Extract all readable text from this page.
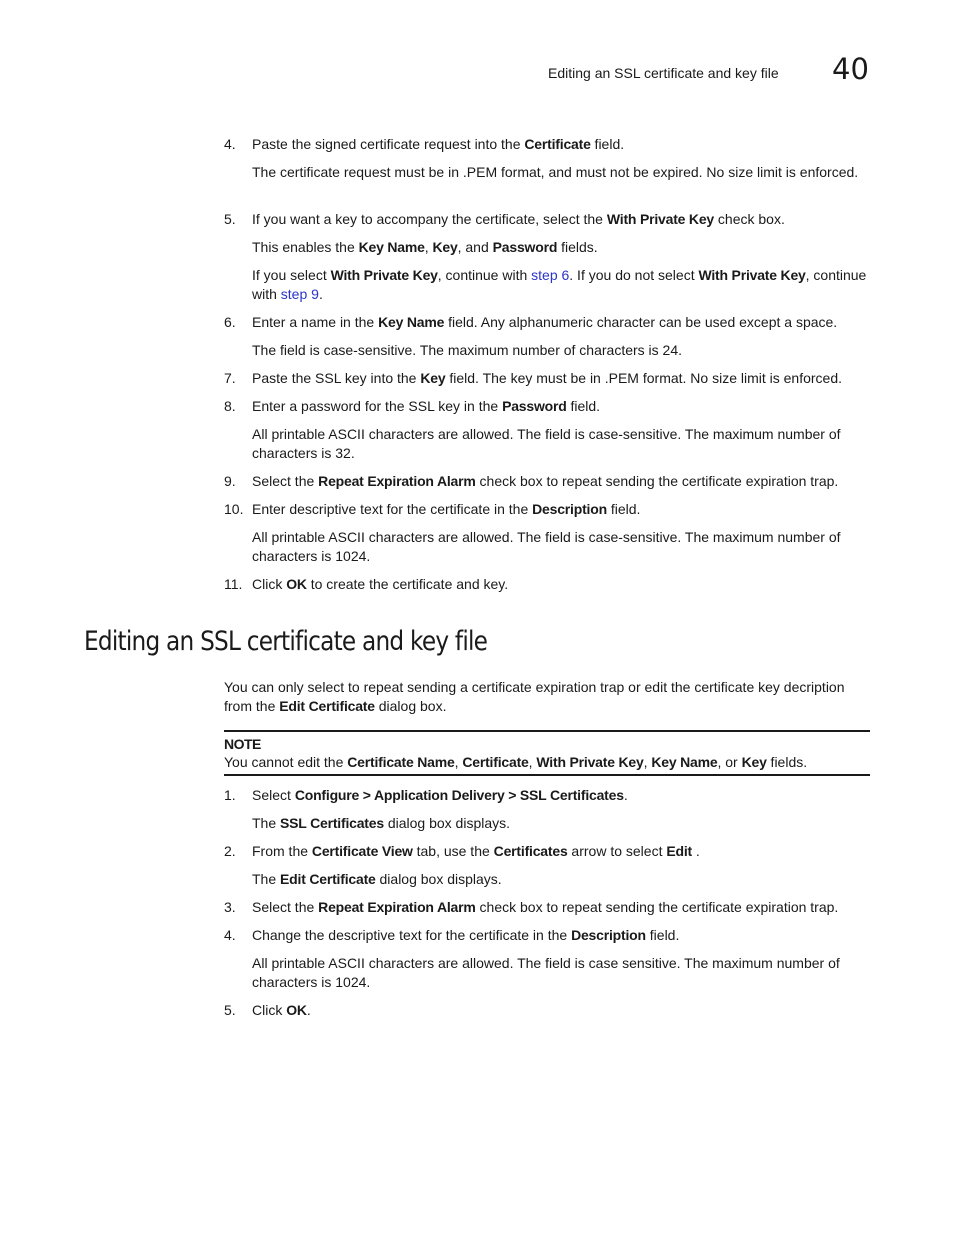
Editing an SSL certificate and key file 40
4.	Paste the signed certificate request into the Certificate field.
The certificate request must be in .PEM format, and must not be expired. No size limit is enforced.
5.	If you want a key to accompany the certificate, select the With Private Key check box.
This enables the Key Name, Key, and Password fields.
If you select With Private Key, continue with step 6. If you do not select With Private Key, continue with step 9.
6.	Enter a name in the Key Name field. Any alphanumeric character can be used except a space.
The field is case-sensitive. The maximum number of characters is 24.
7.	Paste the SSL key into the Key field. The key must be in .PEM format. No size limit is enforced.
8.	Enter a password for the SSL key in the Password field.
All printable ASCII characters are allowed. The field is case-sensitive. The maximum number of characters is 32.
9.	Select the Repeat Expiration Alarm check box to repeat sending the certificate expiration trap.
10. Enter descriptive text for the certificate in the Description field.
All printable ASCII characters are allowed. The field is case-sensitive. The maximum number of characters is 1024.
11. Click OK to create the certificate and key.
Editing an SSL certificate and key file
You can only select to repeat sending a certificate expiration trap or edit the certificate key decription from the Edit Certificate dialog box.
NOTE
You cannot edit the Certificate Name, Certificate, With Private Key, Key Name, or Key fields.
1.	Select Configure > Application Delivery > SSL Certificates.
The SSL Certificates dialog box displays.
2.	From the Certificate View tab, use the Certificates arrow to select Edit .
The Edit Certificate dialog box displays.
3.	Select the Repeat Expiration Alarm check box to repeat sending the certificate expiration trap.
4.	Change the descriptive text for the certificate in the Description field.
All printable ASCII characters are allowed. The field is case sensitive. The maximum number of characters is 1024.
5.	Click OK.
